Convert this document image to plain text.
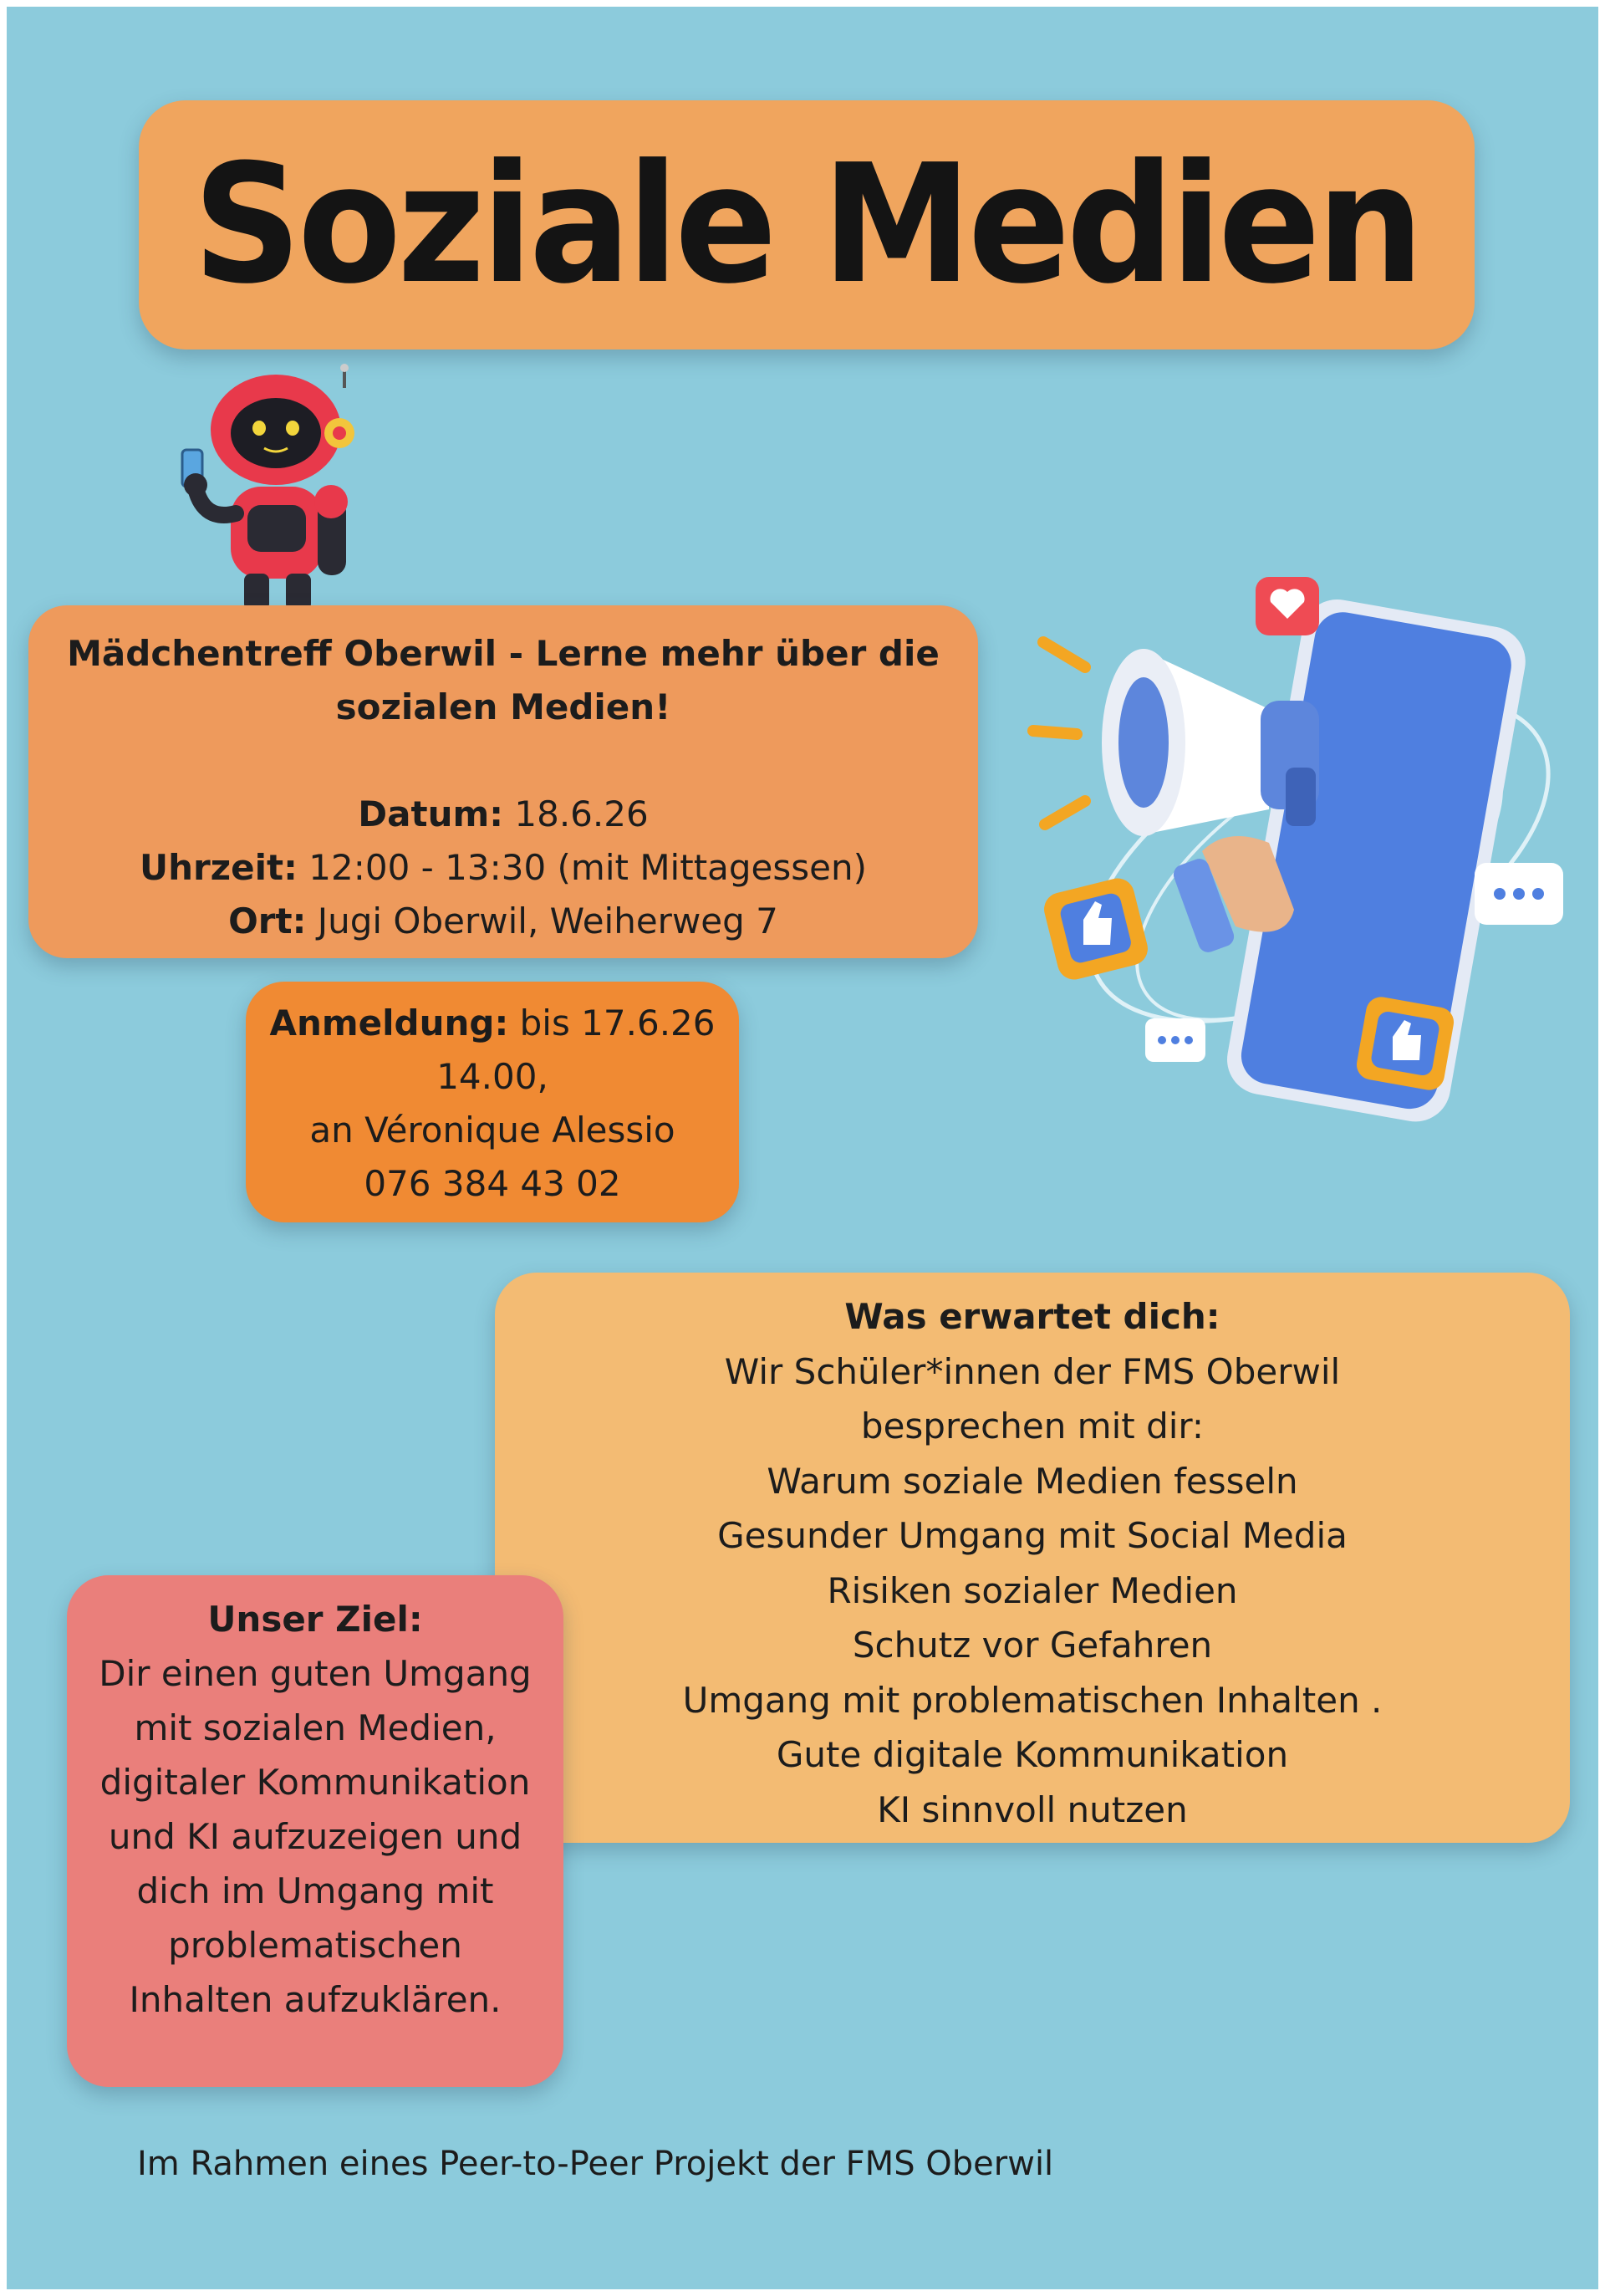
Soziale Medien

Mädchentreff Oberwil - Lerne mehr über die

sozialen Medien!

Datum: 18.6.26

Uhrzeit: 12:00 - 13:30 (mit Mittagessen)

Ort: Jugi Oberwil, Weiherweg 7

Anmeldung: bis 17.6.26

14.00,

an Véronique Alessio

076 384 43 02

Was erwartet dich:

Wir Schüler*innen der FMS Oberwil

besprechen mit dir:

Warum soziale Medien fesseln

Gesunder Umgang mit Social Media

Risiken sozialer Medien

Schutz vor Gefahren

Umgang mit problematischen Inhalten .

Gute digitale Kommunikation

KI sinnvoll nutzen

Unser Ziel:

Dir einen guten Umgang

mit sozialen Medien,

digitaler Kommunikation

und KI aufzuzeigen und

dich im Umgang mit

problematischen

Inhalten aufzuklären.

Im Rahmen eines Peer-to-Peer Projekt der FMS Oberwil
